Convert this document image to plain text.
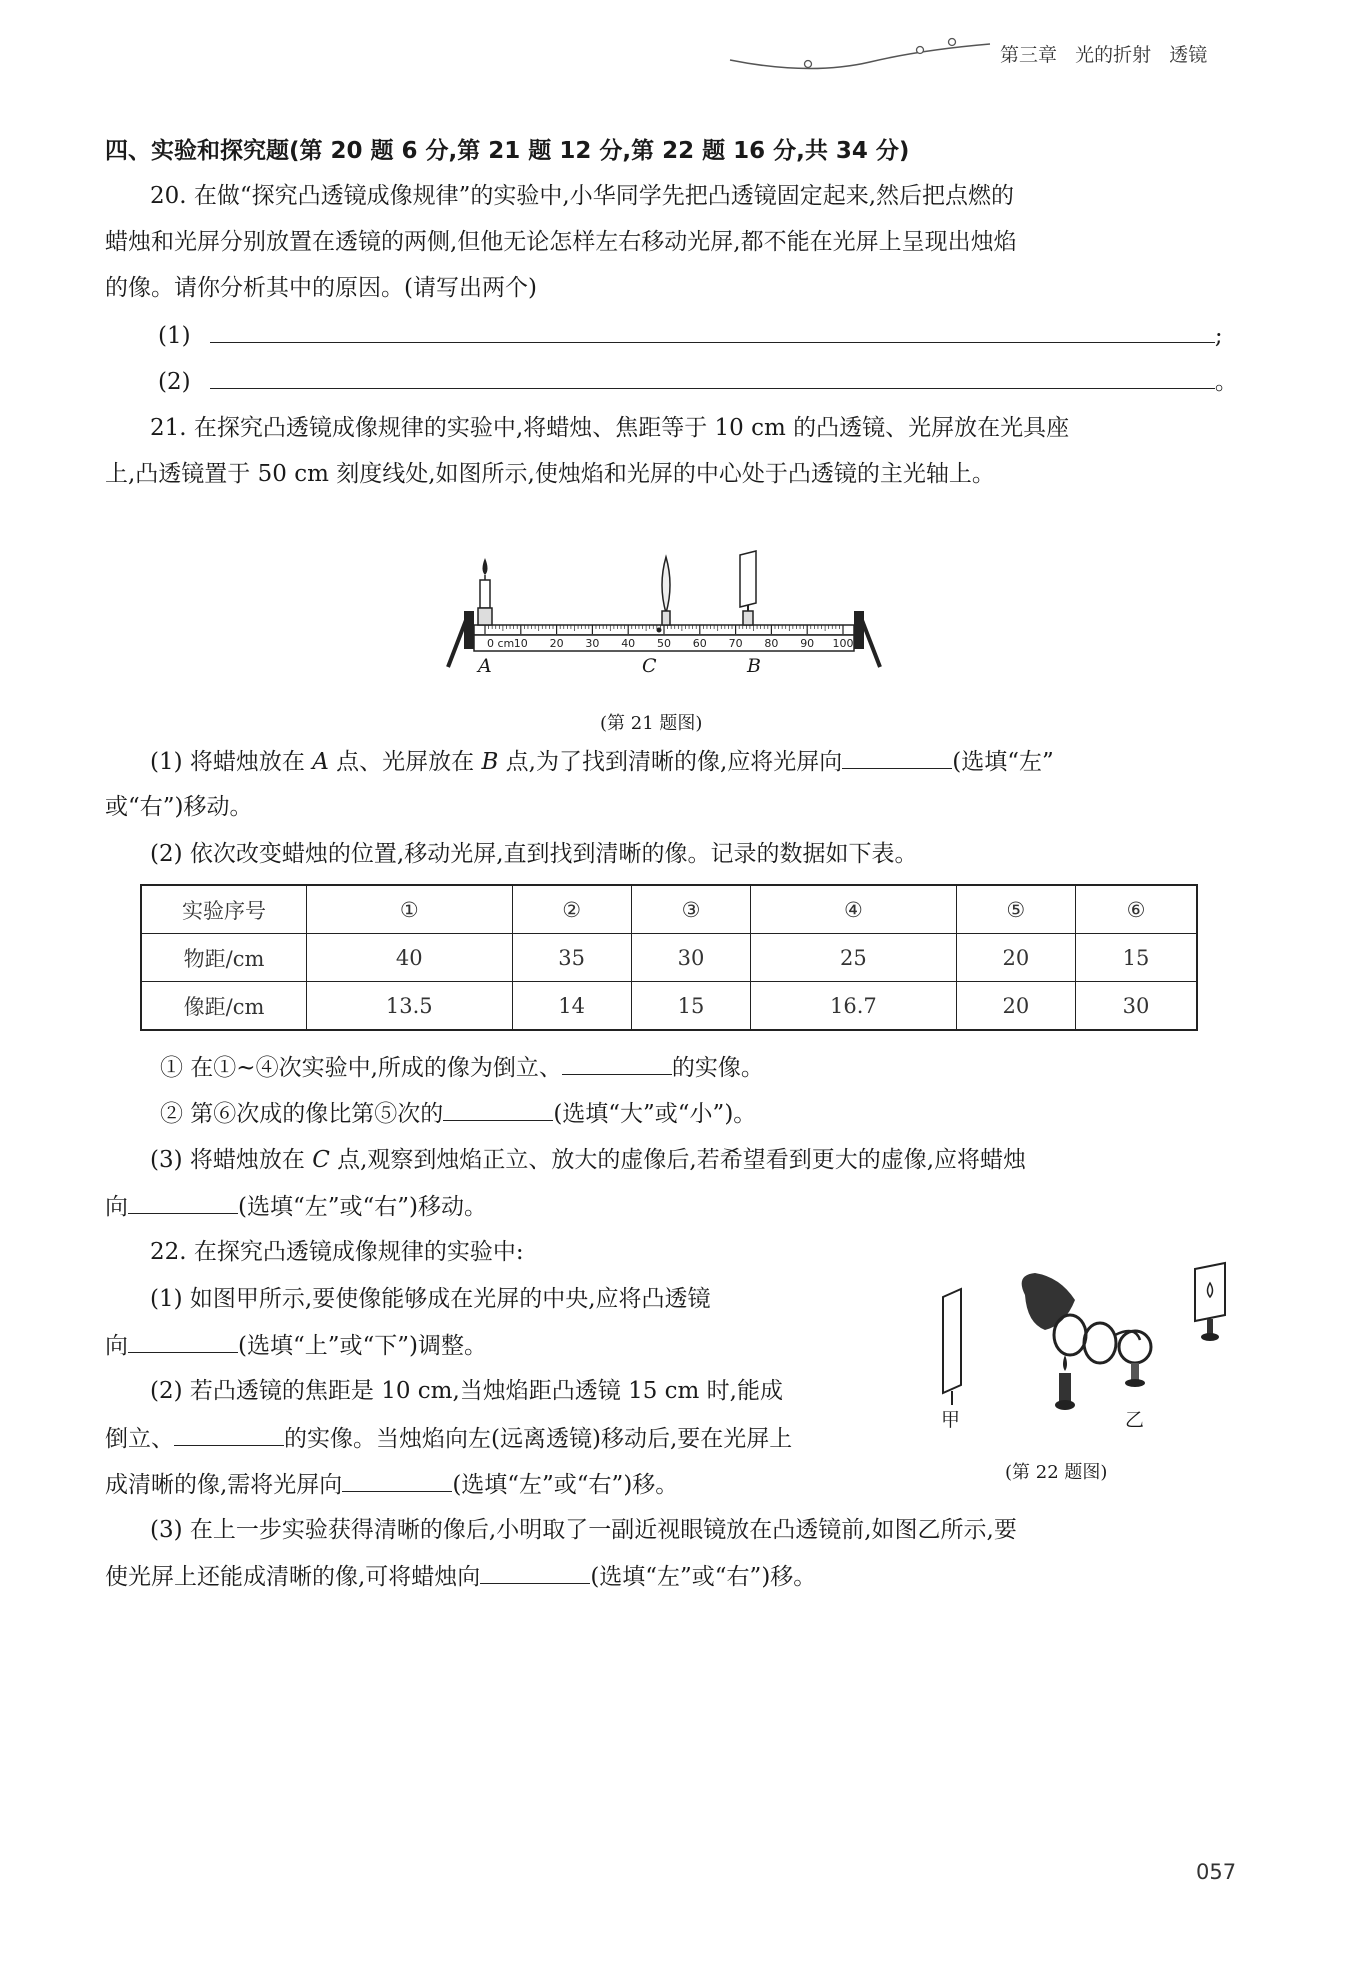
第三章 光的折射 透镜
四、实验和探究题(第 20 题 6 分,第 21 题 12 分,第 22 题 16 分,共 34 分)
20. 在做“探究凸透镜成像规律”的实验中,小华同学先把凸透镜固定起来,然后把点燃的
蜡烛和光屏分别放置在透镜的两侧,但他无论怎样左右移动光屏,都不能在光屏上呈现出烛焰
的像。请你分析其中的原因。(请写出两个)
(1)	;
(2)	。
21. 在探究凸透镜成像规律的实验中,将蜡烛、焦距等于 10 cm 的凸透镜、光屏放在光具座
上,凸透镜置于 50 cm 刻度线处,如图所示,使烛焰和光屏的中心处于凸透镜的主光轴上。
0 cm 10 20 30 40 50 60 70 80 90 100
A	C	B
(第 21 题图)
(1) 将蜡烛放在 A 点、光屏放在 B 点,为了找到清晰的像,应将光屏向	(选填“左”
或“右”)移动。
(2) 依次改变蜡烛的位置,移动光屏,直到找到清晰的像。记录的数据如下表。
实验序号	①	②	③	④	⑤	⑥
物距/cm	40	35	30	25	20	15
像距/cm	13.5	14	15	16.7	20	30
① 在①~④次实验中,所成的像为倒立、	的实像。
② 第⑥次成的像比第⑤次的	(选填“大”或“小”)。
(3) 将蜡烛放在 C 点,观察到烛焰正立、放大的虚像后,若希望看到更大的虚像,应将蜡烛
向	(选填“左”或“右”)移动。
22. 在探究凸透镜成像规律的实验中:
(1) 如图甲所示,要使像能够成在光屏的中央,应将凸透镜
向	(选填“上”或“下”)调整。
(2) 若凸透镜的焦距是 10 cm,当烛焰距凸透镜 15 cm 时,能成
倒立、	的实像。当烛焰向左(远离透镜)移动后,要在光屏上
成清晰的像,需将光屏向	(选填“左”或“右”)移。
甲	乙
(第 22 题图)
(3) 在上一步实验获得清晰的像后,小明取了一副近视眼镜放在凸透镜前,如图乙所示,要
使光屏上还能成清晰的像,可将蜡烛向	(选填“左”或“右”)移。
057
